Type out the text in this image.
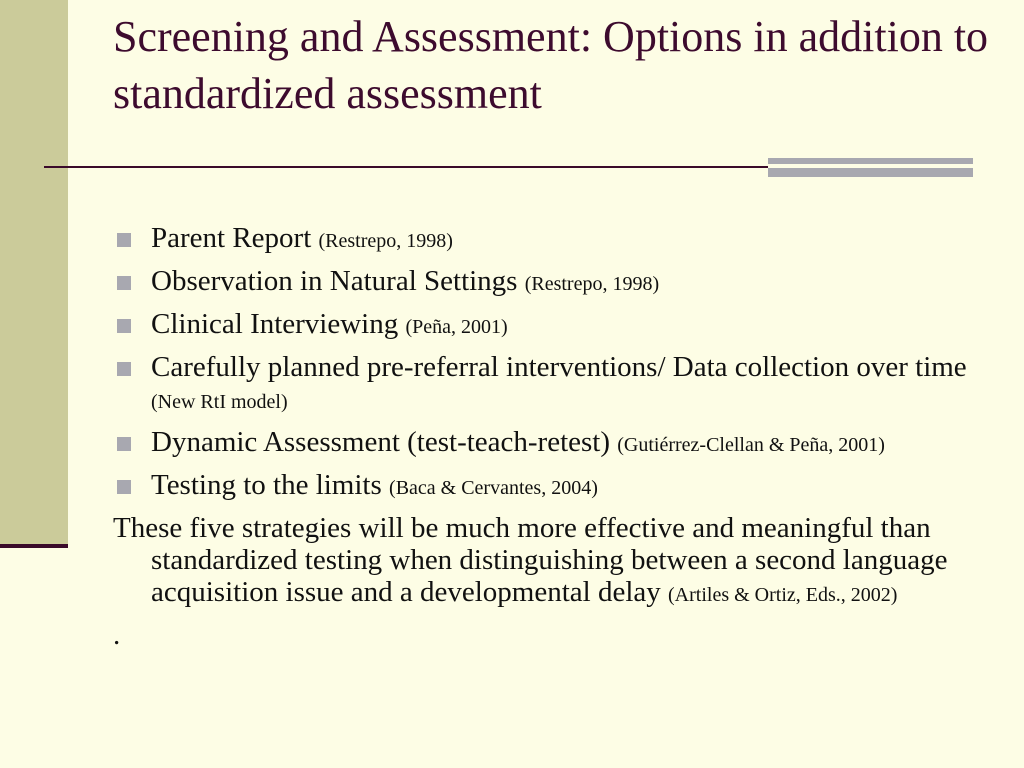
Screening and Assessment: Options in addition to standardized assessment
Parent Report (Restrepo, 1998)
Observation in Natural Settings (Restrepo, 1998)
Clinical Interviewing (Peña, 2001)
Carefully planned pre-referral interventions/ Data collection over time (New RtI model)
Dynamic Assessment (test-teach-retest) (Gutiérrez-Clellan & Peña, 2001)
Testing to the limits (Baca & Cervantes, 2004)
These five strategies will be much more effective and meaningful than standardized testing when distinguishing between a second language acquisition issue and a developmental delay (Artiles & Ortiz, Eds., 2002)
.
